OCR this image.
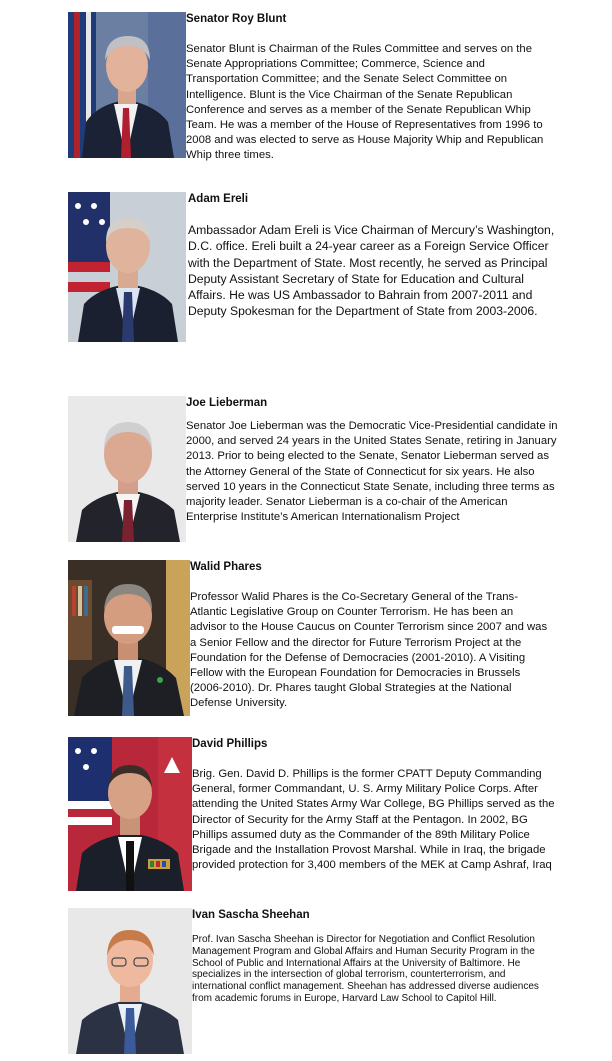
Senator Roy Blunt

Senator Blunt is Chairman of the Rules Committee and serves on the Senate Appropriations Committee; Commerce, Science and Transportation Committee; and the Senate Select Committee on Intelligence. Blunt is the Vice Chairman of the Senate Republican Conference and serves as a member of the Senate Republican Whip Team. He was a member of the House of Representatives from 1996 to 2008 and was elected to serve as House Majority Whip and Republican Whip three times.

Adam Ereli

Ambassador Adam Ereli is Vice Chairman of Mercury’s Washington, D.C. office. Ereli built a 24-year career as a Foreign Service Officer with the Department of State. Most recently, he served as Principal Deputy Assistant Secretary of State for Education and Cultural Affairs. He was US Ambassador to Bahrain from 2007-2011 and Deputy Spokesman for the Department of State from 2003-2006.

Joe Lieberman

Senator Joe Lieberman was the Democratic Vice-Presidential candidate in 2000, and served 24 years in the United States Senate, retiring in January 2013. Prior to being elected to the Senate, Senator Lieberman served as the Attorney General of the State of Connecticut for six years. He also served 10 years in the Connecticut State Senate, including three terms as majority leader. Senator Lieberman is a co-chair of the American Enterprise Institute’s American Internationalism Project

Walid Phares

Professor Walid Phares is the Co-Secretary General of the Trans-Atlantic Legislative Group on Counter Terrorism. He has been an advisor to the House Caucus on Counter Terrorism since 2007 and was a Senior Fellow and the director for Future Terrorism Project at the Foundation for the Defense of Democracies (2001-2010). A Visiting Fellow with the European Foundation for Democracies in Brussels (2006-2010). Dr. Phares taught Global Strategies at the National Defense University.

David Phillips

Brig. Gen. David D. Phillips is the former CPATT Deputy Commanding General, former Commandant, U. S. Army Military Police Corps. After attending the United States Army War College, BG Phillips served as the Director of Security for the Army Staff at the Pentagon. In 2002, BG Phillips assumed duty as the Commander of the 89th Military Police Brigade and the Installation Provost Marshal. While in Iraq, the brigade provided protection for 3,400 members of the MEK at Camp Ashraf, Iraq

Ivan Sascha Sheehan

Prof. Ivan Sascha Sheehan is Director for Negotiation and Conflict Resolution Management Program and Global Affairs and Human Security Program in the School of Public and International Affairs at the University of Baltimore. He specializes in the intersection of global terrorism, counterterrorism, and international conflict management. Sheehan has addressed diverse audiences from academic forums in Europe, Harvard Law School to Capitol Hill.
